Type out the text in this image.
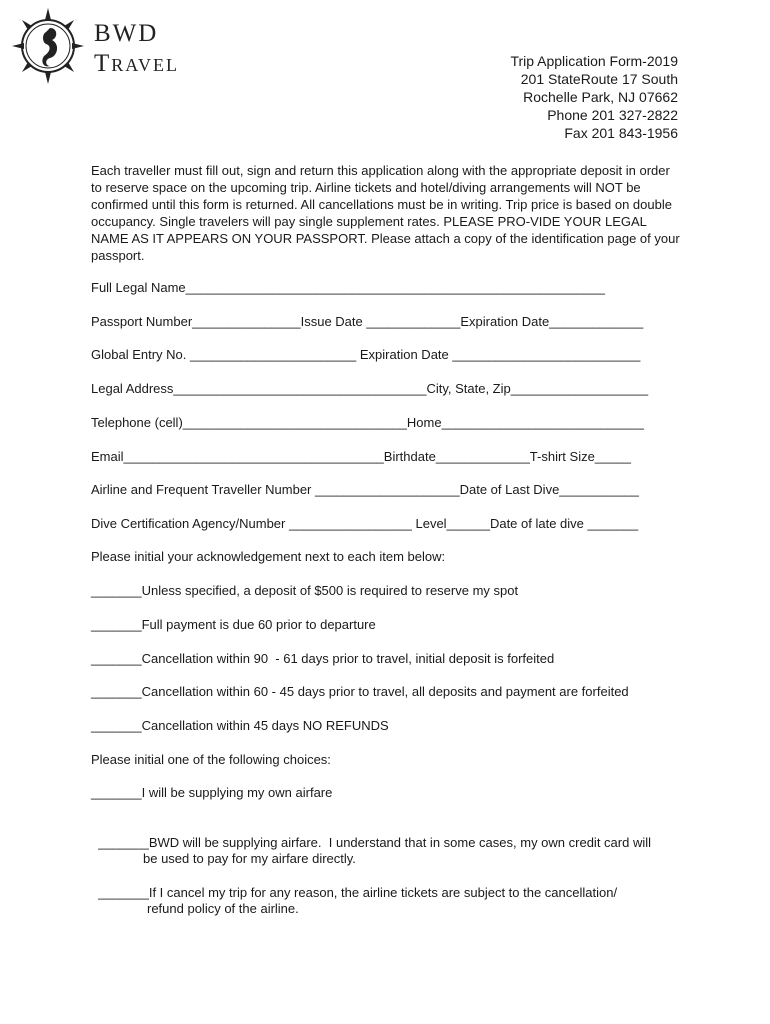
BWD
Travel	Trip Application Form-2019
201 StateRoute 17 South
Rochelle Park, NJ 07662
Phone 201 327-2822
Fax 201 843-1956
Each traveller must fill out, sign and return this application along with the appropriate deposit in order to reserve space on the upcoming trip. Airline tickets and hotel/diving arrangements will NOT be confirmed until this form is returned. All cancellations must be in writing. Trip price is based on double occupancy. Single travelers will pay single supplement rates. PLEASE PRO-VIDE YOUR LEGAL NAME AS IT APPEARS ON YOUR PASSPORT. Please attach a copy of the identification page of your passport.
Full Legal Name__________________________________________________________
Passport Number_______________Issue Date _____________Expiration Date_____________
Global Entry No. _______________________ Expiration Date __________________________
Legal Address___________________________________City, State, Zip___________________
Telephone (cell)_______________________________Home____________________________
Email____________________________________Birthdate_____________T-shirt Size_____
Airline and Frequent Traveller Number ____________________Date of Last Dive___________
Dive Certification Agency/Number _________________ Level______Date of late dive _______
Please initial your acknowledgement next to each item below:
_______Unless specified, a deposit of $500 is required to reserve my spot
_______Full payment is due 60 prior to departure
_______Cancellation within 90  - 61 days prior to travel, initial deposit is forfeited
_______Cancellation within 60 - 45 days prior to travel, all deposits and payment are forfeited
_______Cancellation within 45 days NO REFUNDS
Please initial one of the following choices:
_______I will be supplying my own airfare

_______BWD will be supplying airfare.  I understand that in some cases, my own credit card will
be used to pay for my airfare directly.

_______If I cancel my trip for any reason, the airline tickets are subject to the cancellation/
refund policy of the airline.
